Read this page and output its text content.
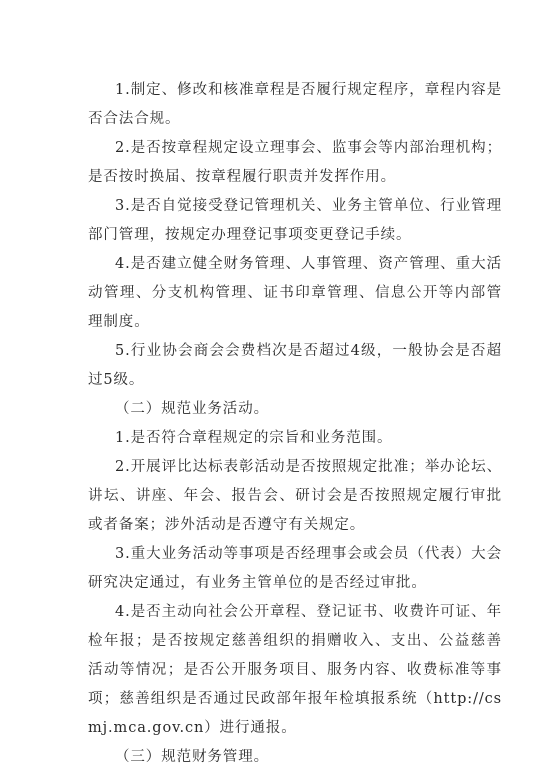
1.制定、修改和核准章程是否履行规定程序，章程内容是否合法合规。

2.是否按章程规定设立理事会、监事会等内部治理机构；是否按时换届、按章程履行职责并发挥作用。

3.是否自觉接受登记管理机关、业务主管单位、行业管理部门管理，按规定办理登记事项变更登记手续。

4.是否建立健全财务管理、人事管理、资产管理、重大活动管理、分支机构管理、证书印章管理、信息公开等内部管理制度。

5.行业协会商会会费档次是否超过4级，一般协会是否超过5级。

（二）规范业务活动。

1.是否符合章程规定的宗旨和业务范围。

2.开展评比达标表彰活动是否按照规定批准；举办论坛、讲坛、讲座、年会、报告会、研讨会是否按照规定履行审批或者备案；涉外活动是否遵守有关规定。

3.重大业务活动等事项是否经理事会或会员（代表）大会研究决定通过，有业务主管单位的是否经过审批。

4.是否主动向社会公开章程、登记证书、收费许可证、年检年报；是否按规定慈善组织的捐赠收入、支出、公益慈善活动等情况；是否公开服务项目、服务内容、收费标准等事项；慈善组织是否通过民政部年报年检填报系统（http://csmj.mca.gov.cn）进行通报。

（三）规范财务管理。
